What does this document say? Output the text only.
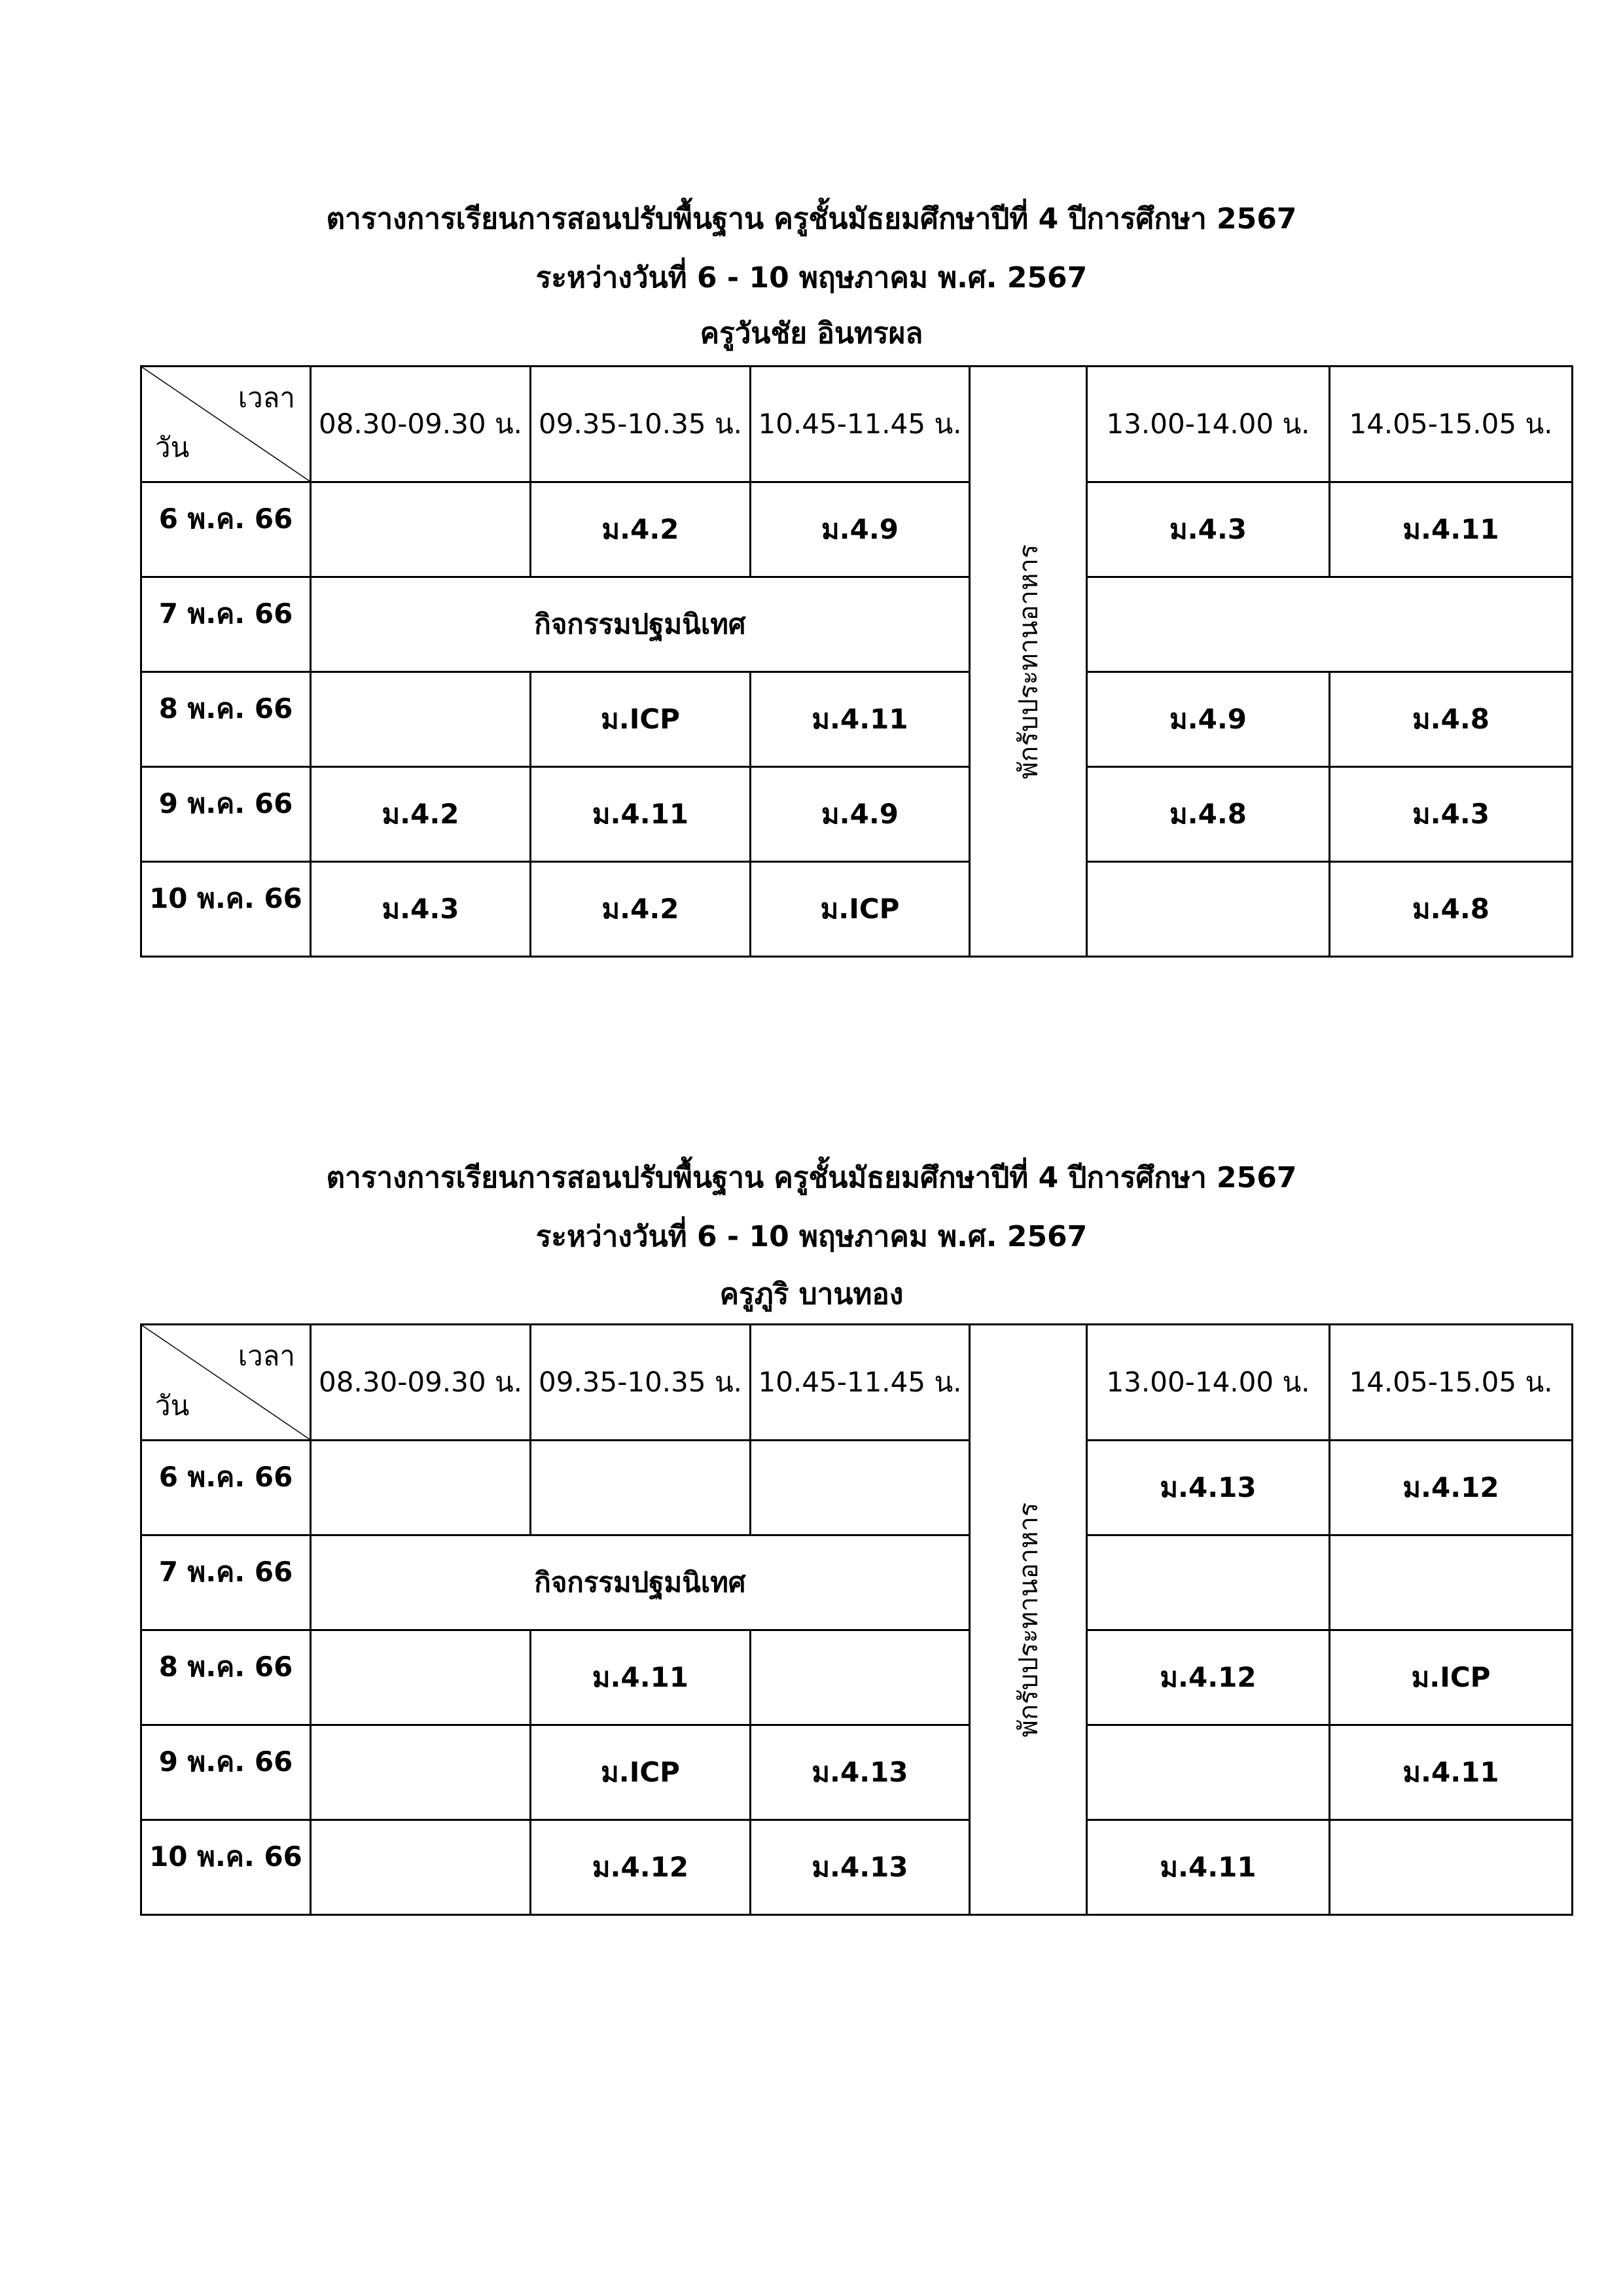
ตารางการเรียนการสอนปรับพื้นฐาน ครูชั้นมัธยมศึกษาปีที่ 4 ปีการศึกษา 2567
ระหว่างวันที่ 6 - 10 พฤษภาคม พ.ศ. 2567
ครูวันชัย อินทรผล
เวลา
วัน	08.30-09.30 น.	09.35-10.35 น.	10.45-11.45 น.	พักรับประทานอาหาร	13.00-14.00 น.	14.05-15.05 น.

6 พ.ค. 66		ม.4.2	ม.4.9		ม.4.3	ม.4.11

7 พ.ค. 66	กิจกรรมปฐมนิเทศ					

8 พ.ค. 66		ม.ICP	ม.4.11		ม.4.9	ม.4.8

9 พ.ค. 66	ม.4.2	ม.4.11	ม.4.9		ม.4.8	ม.4.3

10 พ.ค. 66	ม.4.3	ม.4.2	ม.ICP			ม.4.8
ตารางการเรียนการสอนปรับพื้นฐาน ครูชั้นมัธยมศึกษาปีที่ 4 ปีการศึกษา 2567
ระหว่างวันที่ 6 - 10 พฤษภาคม พ.ศ. 2567
ครูภูริ บานทอง
เวลา
วัน	08.30-09.30 น.	09.35-10.35 น.	10.45-11.45 น.	พักรับประทานอาหาร	13.00-14.00 น.	14.05-15.05 น.

6 พ.ค. 66					ม.4.13	ม.4.12

7 พ.ค. 66	กิจกรรมปฐมนิเทศ					

8 พ.ค. 66		ม.4.11			ม.4.12	ม.ICP

9 พ.ค. 66		ม.ICP	ม.4.13			ม.4.11

10 พ.ค. 66		ม.4.12	ม.4.13		ม.4.11	
